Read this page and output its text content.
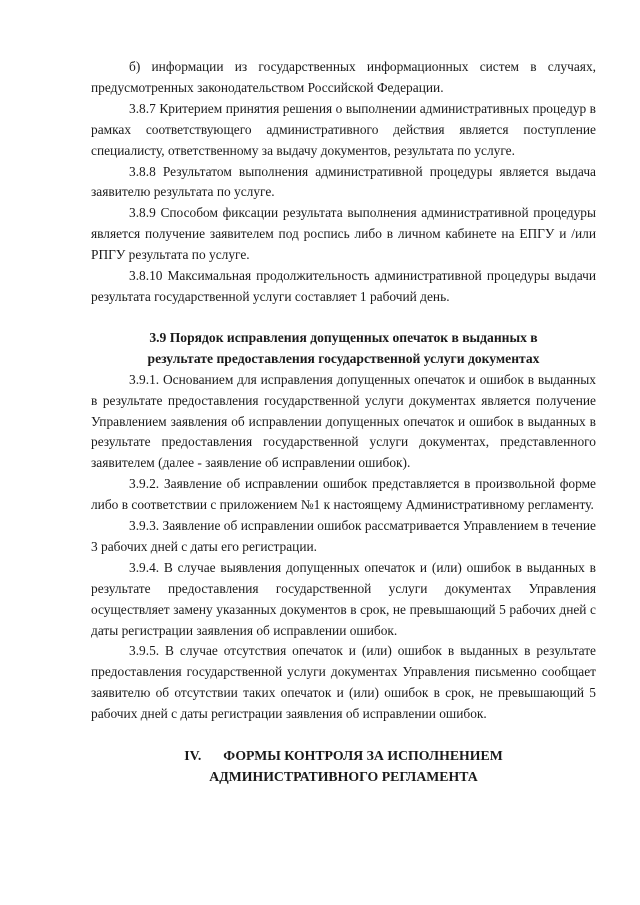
б) информации из государственных информационных систем в случаях, предусмотренных законодательством Российской Федерации.

3.8.7 Критерием принятия решения о выполнении административных процедур в рамках соответствующего административного действия является поступление специалисту, ответственному за выдачу документов, результата по услуге.

3.8.8 Результатом выполнения административной процедуры является выдача заявителю результата по услуге.

3.8.9 Способом фиксации результата выполнения административной процедуры является получение заявителем под роспись либо в личном кабинете на ЕПГУ и /или РПГУ результата по услуге.

3.8.10 Максимальная продолжительность административной процедуры выдачи результата государственной услуги составляет 1 рабочий день.

3.9 Порядок исправления допущенных опечаток в выданных в
результате предоставления государственной услуги документах

3.9.1. Основанием для исправления допущенных опечаток и ошибок в выданных в результате предоставления государственной услуги документах является получение Управлением заявления об исправлении допущенных опечаток и ошибок в выданных в результате предоставления государственной услуги документах, представленного заявителем (далее - заявление об исправлении ошибок).

3.9.2. Заявление об исправлении ошибок представляется в произвольной форме либо в соответствии с приложением №1 к настоящему Административному регламенту.

3.9.3. Заявление об исправлении ошибок рассматривается Управлением в течение 3 рабочих дней с даты его регистрации.

3.9.4. В случае выявления допущенных опечаток и (или) ошибок в выданных в результате предоставления государственной услуги документах Управления осуществляет замену указанных документов в срок, не превышающий 5 рабочих дней с даты регистрации заявления об исправлении ошибок.

3.9.5. В случае отсутствия опечаток и (или) ошибок в выданных в результате предоставления государственной услуги документах Управления письменно сообщает заявителю об отсутствии таких опечаток и (или) ошибок в срок, не превышающий 5 рабочих дней с даты регистрации заявления об исправлении ошибок.

IV. ФОРМЫ КОНТРОЛЯ ЗА ИСПОЛНЕНИЕМ
АДМИНИСТРАТИВНОГО РЕГЛАМЕНТА
